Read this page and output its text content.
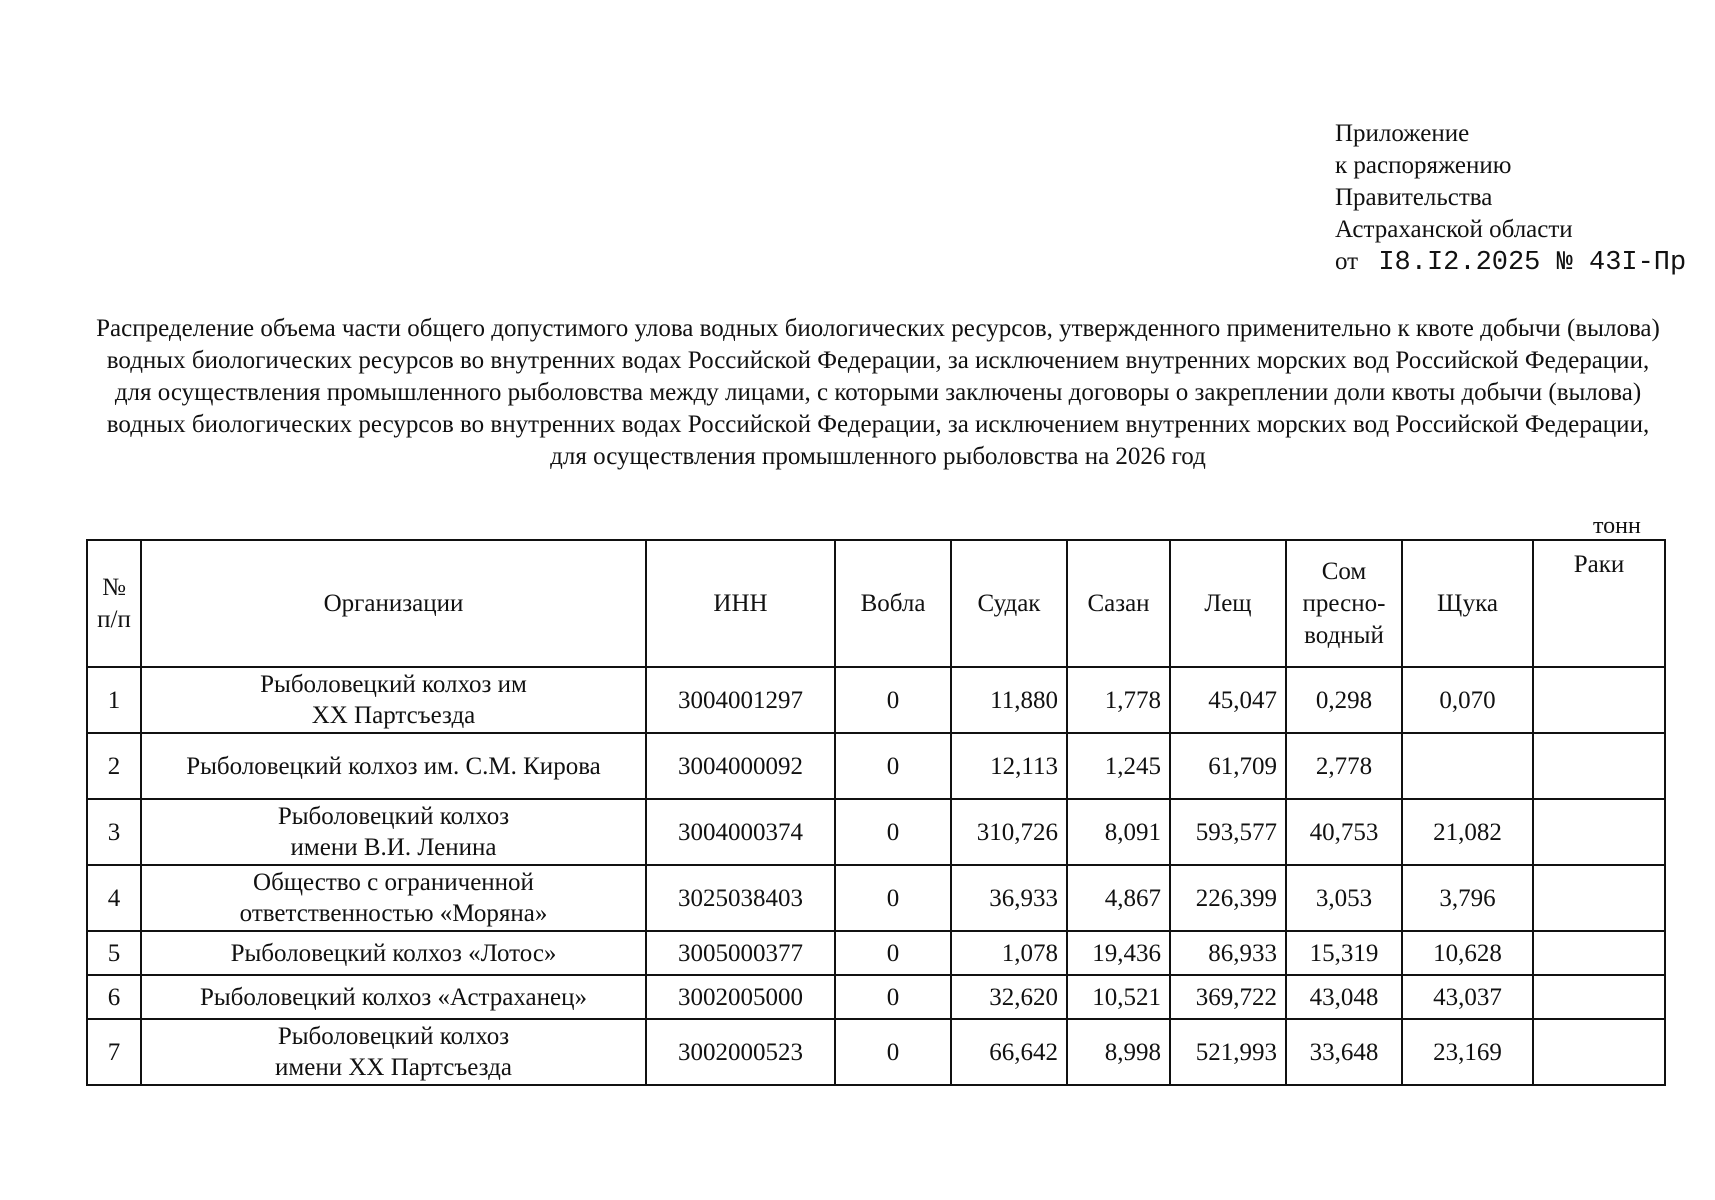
Приложение
к распоряжению
Правительства
Астраханской области
от I8.I2.2025 № 43I-Пр
Распределение объема части общего допустимого улова водных биологических ресурсов, утвержденного применительно к квоте добычи (вылова) водных биологических ресурсов во внутренних водах Российской Федерации, за исключением внутренних морских вод Российской Федерации, для осуществления промышленного рыболовства между лицами, с которыми заключены договоры о закреплении доли квоты добычи (вылова) водных биологических ресурсов во внутренних водах Российской Федерации, за исключением внутренних морских вод Российской Федерации, для осуществления промышленного рыболовства на 2026 год
тонн
№ п/п	Организации	ИНН	Вобла	Судак	Сазан	Лещ	Сом пресно-водный	Щука	Раки
1	Рыболовецкий колхоз им XX Партсъезда	3004001297	0	11,880	1,778	45,047	0,298	0,070	
2	Рыболовецкий колхоз им. С.М. Кирова	3004000092	0	12,113	1,245	61,709	2,778		
3	Рыболовецкий колхоз имени В.И. Ленина	3004000374	0	310,726	8,091	593,577	40,753	21,082	
4	Общество с ограниченной ответственностью «Моряна»	3025038403	0	36,933	4,867	226,399	3,053	3,796	
5	Рыболовецкий колхоз «Лотос»	3005000377	0	1,078	19,436	86,933	15,319	10,628	
6	Рыболовецкий колхоз «Астраханец»	3002005000	0	32,620	10,521	369,722	43,048	43,037	
7	Рыболовецкий колхоз имени XX Партсъезда	3002000523	0	66,642	8,998	521,993	33,648	23,169	
